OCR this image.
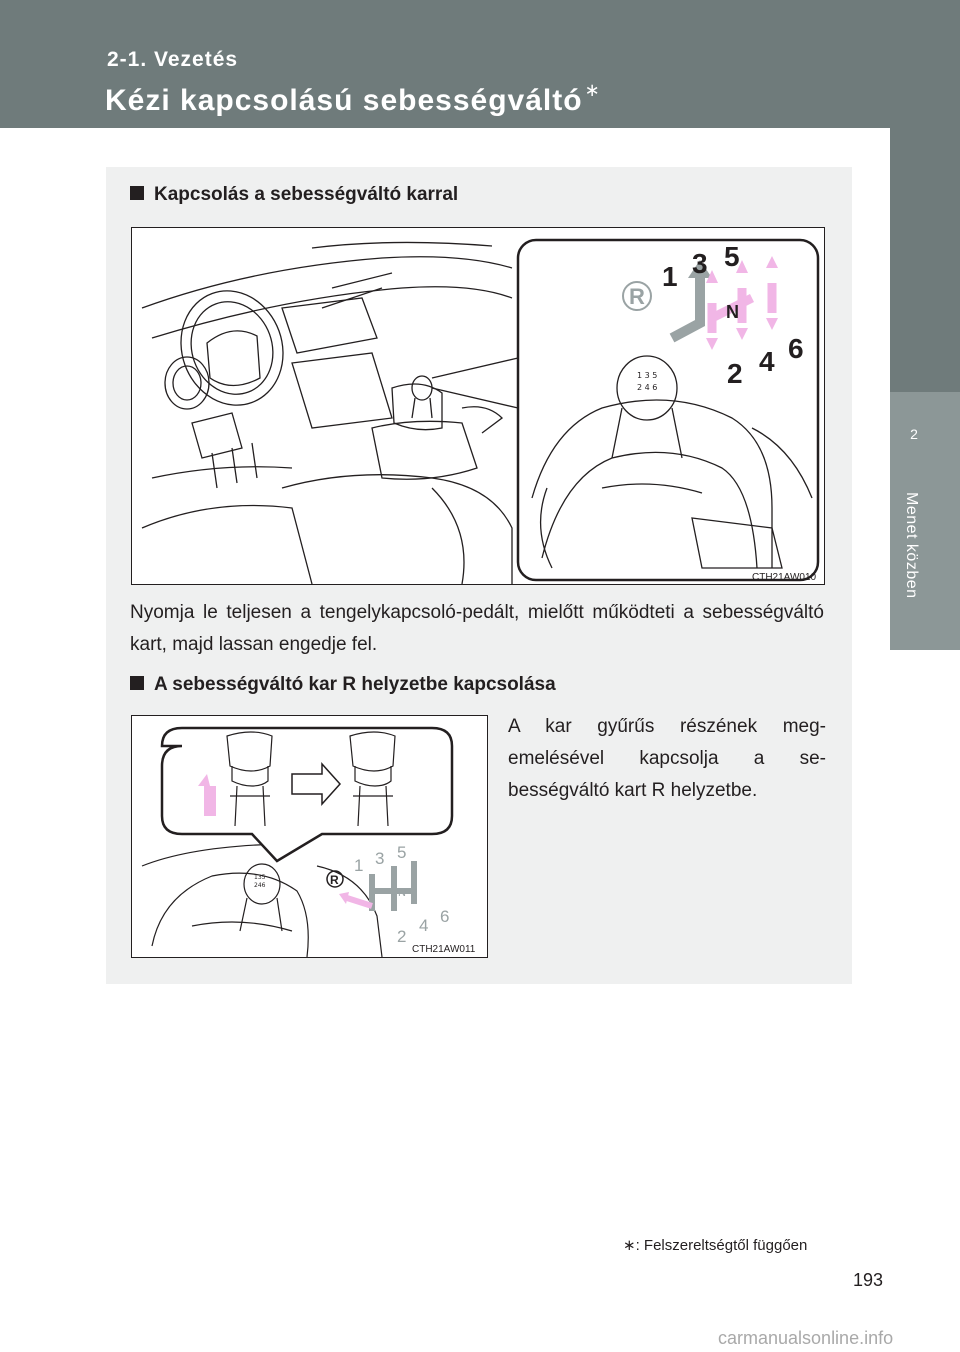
2-1. Vezetés
Kézi kapcsolású sebességváltó ∗
2
Menet közben
Kapcsolás a sebességváltó karral
1 3 5
2 4 6
R
1 3 5
N
2 4 6
CTH21AW010
Nyomja le teljesen a tengelykapcsoló-pedált, mielőtt működteti a sebességváltó kart, majd lassan engedje fel.
A sebességváltó kar R helyzetbe kapcsolása
135
246	R
1 3 5
N
2
4 6
CTH21AW011
A kar gyűrűs részének meg-emelésével kapcsolja a se-bességváltó kart R helyzetbe.
∗: Felszereltségtől függően
193
carmanualsonline.info
